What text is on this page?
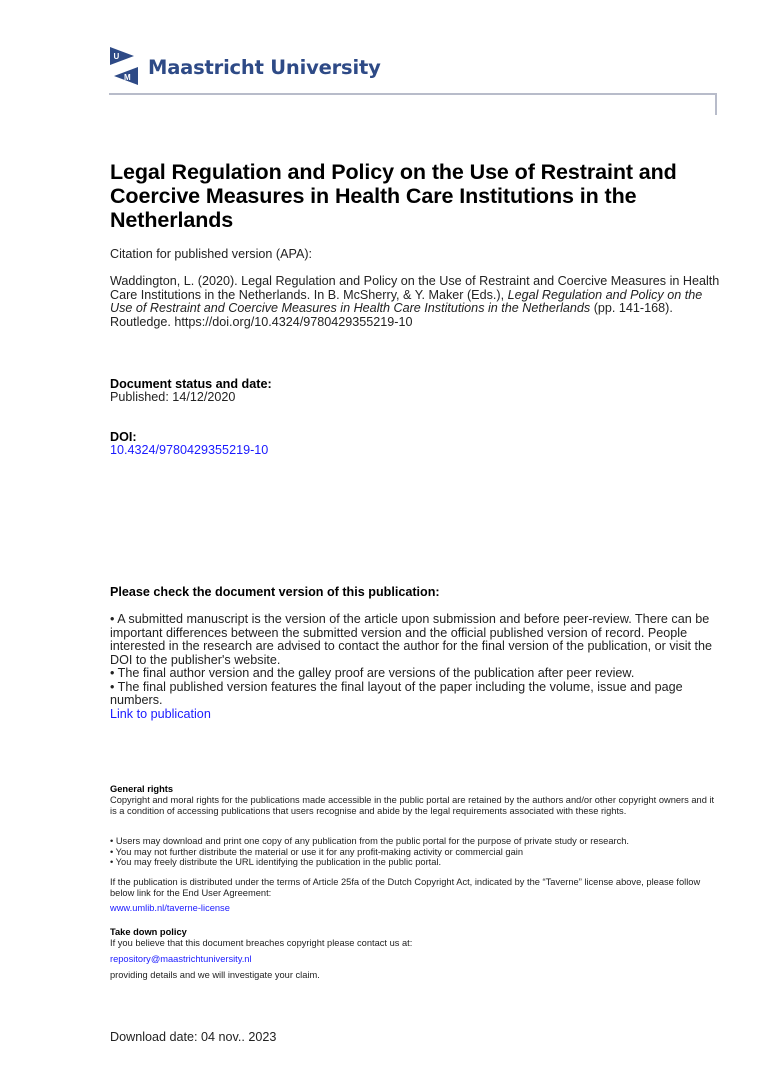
U
M Maastricht University
Legal Regulation and Policy on the Use of Restraint and Coercive Measures in Health Care Institutions in the Netherlands
Citation for published version (APA):
Waddington, L. (2020). Legal Regulation and Policy on the Use of Restraint and Coercive Measures in Health Care Institutions in the Netherlands. In B. McSherry, & Y. Maker (Eds.), Legal Regulation and Policy on the Use of Restraint and Coercive Measures in Health Care Institutions in the Netherlands (pp. 141-168). Routledge. https://doi.org/10.4324/9780429355219-10
Document status and date:
Published: 14/12/2020
DOI:
10.4324/9780429355219-10
Please check the document version of this publication:
• A submitted manuscript is the version of the article upon submission and before peer-review. There can be important differences between the submitted version and the official published version of record. People interested in the research are advised to contact the author for the final version of the publication, or visit the DOI to the publisher's website.
• The final author version and the galley proof are versions of the publication after peer review.
• The final published version features the final layout of the paper including the volume, issue and page numbers.
Link to publication
General rights
Copyright and moral rights for the publications made accessible in the public portal are retained by the authors and/or other copyright owners and it is a condition of accessing publications that users recognise and abide by the legal requirements associated with these rights.
• Users may download and print one copy of any publication from the public portal for the purpose of private study or research.
• You may not further distribute the material or use it for any profit-making activity or commercial gain
• You may freely distribute the URL identifying the publication in the public portal.
If the publication is distributed under the terms of Article 25fa of the Dutch Copyright Act, indicated by the “Taverne” license above, please follow below link for the End User Agreement:
www.umlib.nl/taverne-license
Take down policy
If you believe that this document breaches copyright please contact us at:
repository@maastrichtuniversity.nl
providing details and we will investigate your claim.
Download date: 04 nov.. 2023
